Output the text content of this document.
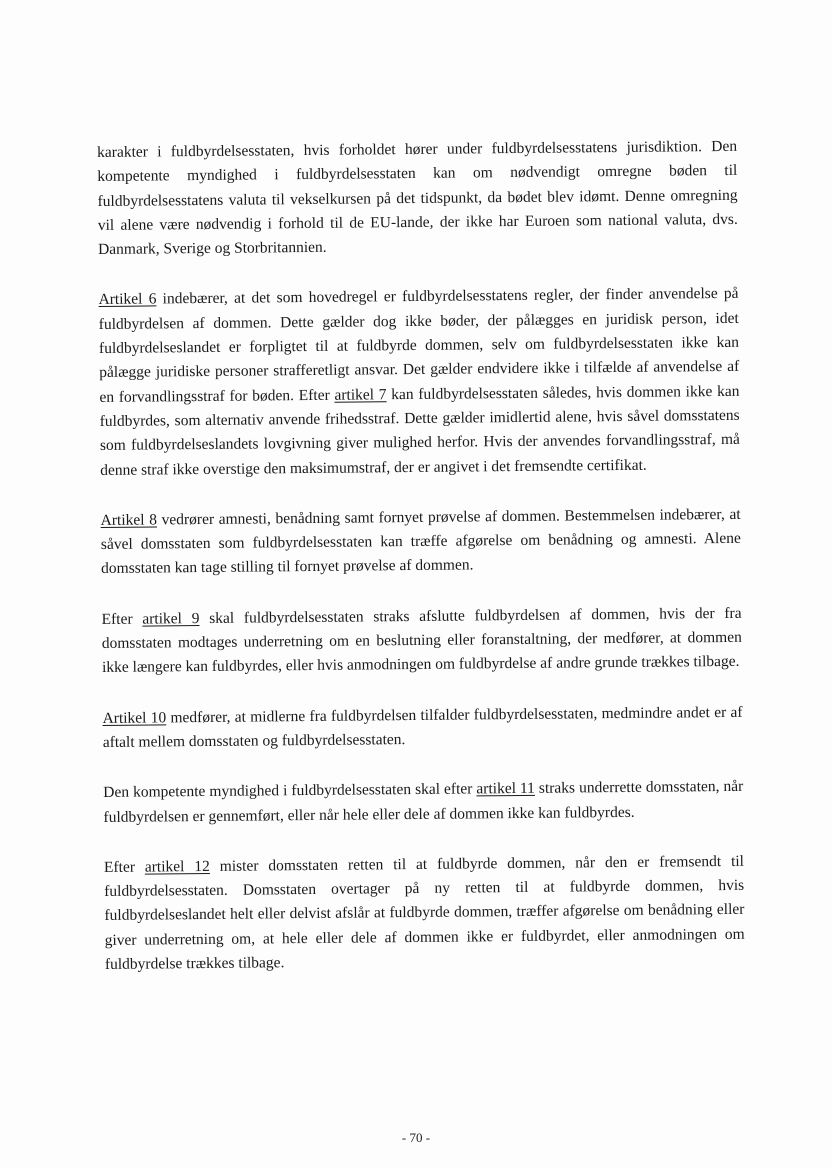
karakter i fuldbyrdelsesstaten, hvis forholdet hører under fuldbyrdelsesstatens jurisdiktion. Den kompetente myndighed i fuldbyrdelsesstaten kan om nødvendigt omregne bøden til fuldbyrdelsesstatens valuta til vekselkursen på det tidspunkt, da bødet blev idømt. Denne omregning vil alene være nødvendig i forhold til de EU-lande, der ikke har Euroen som national valuta, dvs. Danmark, Sverige og Storbritannien.

Artikel 6 indebærer, at det som hovedregel er fuldbyrdelsesstatens regler, der finder anvendelse på fuldbyrdelsen af dommen. Dette gælder dog ikke bøder, der pålægges en juridisk person, idet fuldbyrdelseslandet er forpligtet til at fuldbyrde dommen, selv om fuldbyrdelsesstaten ikke kan pålægge juridiske personer strafferetligt ansvar. Det gælder endvidere ikke i tilfælde af anvendelse af en forvandlingsstraf for bøden. Efter artikel 7 kan fuldbyrdelsesstaten således, hvis dommen ikke kan fuldbyrdes, som alternativ anvende frihedsstraf. Dette gælder imidlertid alene, hvis såvel domsstatens som fuldbyrdelseslandets lovgivning giver mulighed herfor. Hvis der anvendes forvandlingsstraf, må denne straf ikke overstige den maksimumstraf, der er angivet i det fremsendte certifikat.

Artikel 8 vedrører amnesti, benådning samt fornyet prøvelse af dommen. Bestemmelsen indebærer, at såvel domsstaten som fuldbyrdelsesstaten kan træffe afgørelse om benådning og amnesti. Alene domsstaten kan tage stilling til fornyet prøvelse af dommen.

Efter artikel 9 skal fuldbyrdelsesstaten straks afslutte fuldbyrdelsen af dommen, hvis der fra domsstaten modtages underretning om en beslutning eller foranstaltning, der medfører, at dommen ikke længere kan fuldbyrdes, eller hvis anmodningen om fuldbyrdelse af andre grunde trækkes tilbage.

Artikel 10 medfører, at midlerne fra fuldbyrdelsen tilfalder fuldbyrdelsesstaten, medmindre andet er af aftalt mellem domsstaten og fuldbyrdelsesstaten.

Den kompetente myndighed i fuldbyrdelsesstaten skal efter artikel 11 straks underrette domsstaten, når fuldbyrdelsen er gennemført, eller når hele eller dele af dommen ikke kan fuldbyrdes.

Efter artikel 12 mister domsstaten retten til at fuldbyrde dommen, når den er fremsendt til fuldbyrdelsesstaten. Domsstaten overtager på ny retten til at fuldbyrde dommen, hvis fuldbyrdelseslandet helt eller delvist afslår at fuldbyrde dommen, træffer afgørelse om benådning eller giver underretning om, at hele eller dele af dommen ikke er fuldbyrdet, eller anmodningen om fuldbyrdelse trækkes tilbage.

- 70 -
